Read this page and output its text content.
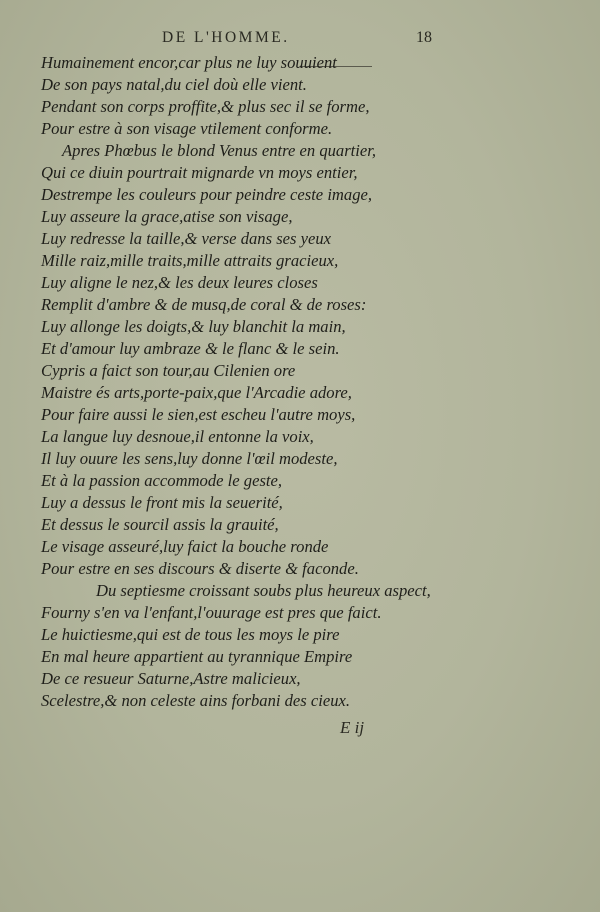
DE L'HOMME.	18
Humainement encor,car plus ne luy souuient
De son pays natal,du ciel doù elle vient.
Pendant son corps proffite,& plus sec il se forme,
Pour estre à son visage vtilement conforme.
Apres Phœbus le blond Venus entre en quartier,
Qui ce diuin pourtrait mignarde vn moys entier,
Destrempe les couleurs pour peindre ceste image,
Luy asseure la grace,atise son visage,
Luy redresse la taille,& verse dans ses yeux
Mille raiz,mille traits,mille attraits gracieux,
Luy aligne le nez,& les deux leures closes
Remplit d'ambre & de musq,de coral & de roses:
Luy allonge les doigts,& luy blanchit la main,
Et d'amour luy ambraze & le flanc & le sein.
Cypris a faict son tour,au Cilenien ore
Maistre és arts,porte-paix,que l'Arcadie adore,
Pour faire aussi le sien,est escheu l'autre moys,
La langue luy desnoue,il entonne la voix,
Il luy ouure les sens,luy donne l'œil modeste,
Et à la passion accommode le geste,
Luy a dessus le front mis la seuerité,
Et dessus le sourcil assis la grauité,
Le visage asseuré,luy faict la bouche ronde
Pour estre en ses discours & diserte & faconde.
Du septiesme croissant soubs plus heureux aspect,
Fourny s'en va l'enfant,l'ouurage est pres que faict.
Le huictiesme,qui est de tous les moys le pire
En mal heure appartient au tyrannique Empire
De ce resueur Saturne,Astre malicieux,
Scelestre,& non celeste ains forbani des cieux.
E ij
